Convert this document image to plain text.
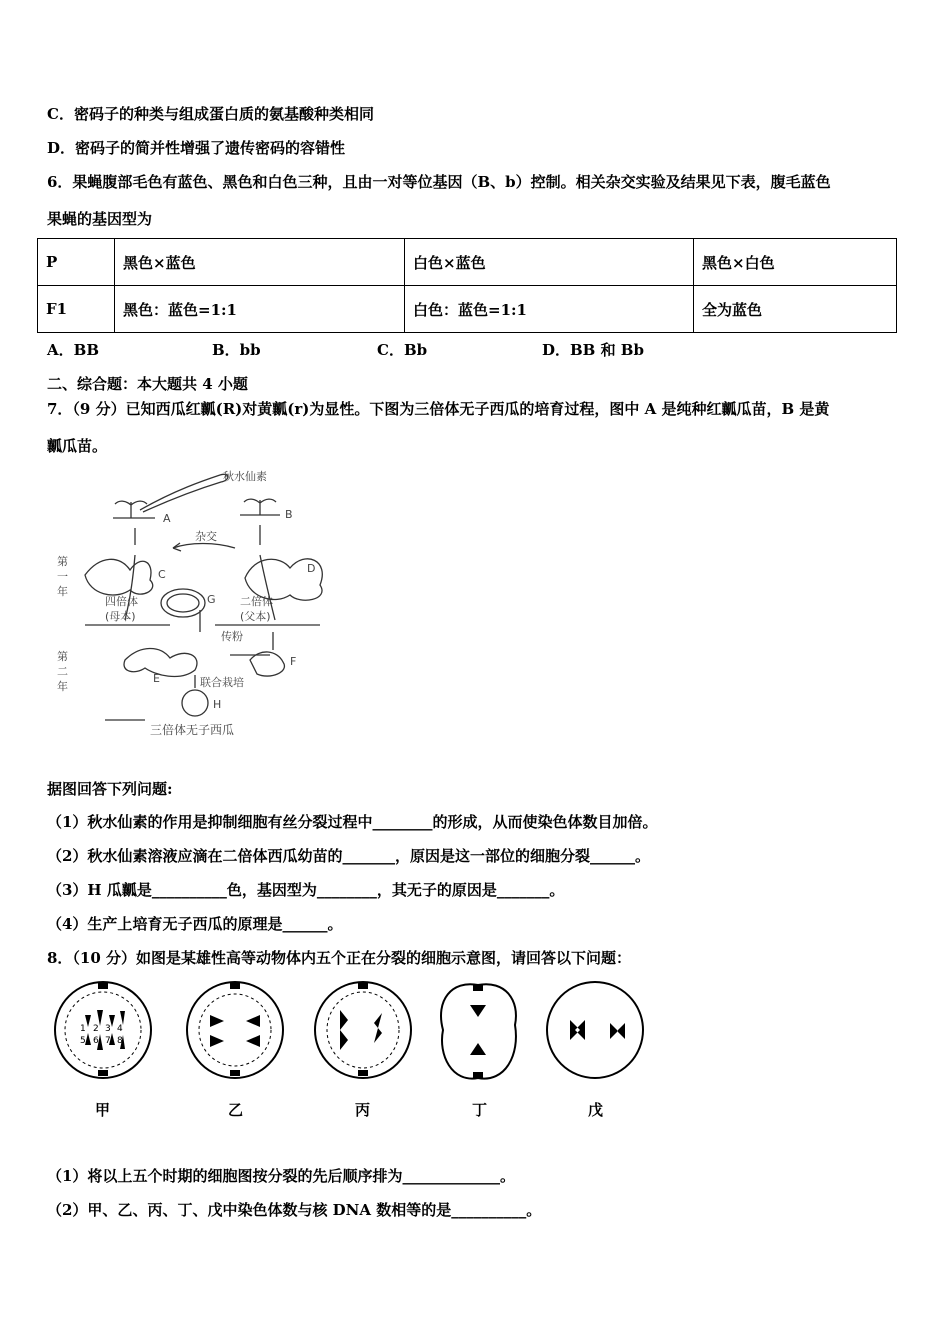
C．密码子的种类与组成蛋白质的氨基酸种类相同
D．密码子的简并性增强了遗传密码的容错性
6．果蝇腹部毛色有蓝色、黑色和白色三种，且由一对等位基因（B、b）控制。相关杂交实验及结果见下表，腹毛蓝色
果蝇的基因型为
P	黑色×蓝色	白色×蓝色	黑色×白色
F1	黑色：蓝色=1:1	白色：蓝色=1:1	全为蓝色
A．BB	B．bb	C．Bb	D．BB 和 Bb
二、综合题：本大题共 4 小题
7．（9 分）已知西瓜红瓤(R)对黄瓤(r)为显性。下图为三倍体无子西瓜的培育过程，图中 A 是纯种红瓤瓜苗，B 是黄
瓤瓜苗。
秋水仙素
A	B
杂交
C	D
G
四倍体
(母本)
二倍体
(父本)
第
一
年
第
二
年
传粉
E
F
联合栽培
H
三倍体无子西瓜
据图回答下列问题:
（1）秋水仙素的作用是抑制细胞有丝分裂过程中________的形成，从而使染色体数目加倍。
（2）秋水仙素溶液应滴在二倍体西瓜幼苗的_______，原因是这一部位的细胞分裂______。
（3）H 瓜瓤是__________色，基因型为________，其无子的原因是_______。
（4）生产上培育无子西瓜的原理是______。
8．（10 分）如图是某雄性高等动物体内五个正在分裂的细胞示意图，请回答以下问题：
1 2 3 4
5 6 7 8
甲	乙	丙	丁	戊
（1）将以上五个时期的细胞图按分裂的先后顺序排为_____________。
（2）甲、乙、丙、丁、戊中染色体数与核 DNA 数相等的是__________。
